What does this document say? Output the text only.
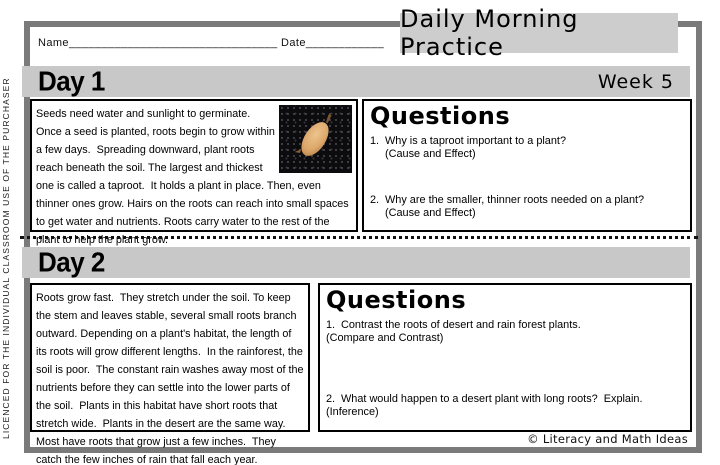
LICENCED FOR THE INDIVIDUAL CLASSROOM USE OF THE PURCHASER
Daily Morning Practice
Name________________________________ Date____________
Day 1	Week 5
Seeds need water and sunlight to germinate. Once a seed is planted, roots begin to grow within a few days.  Spreading downward, plant roots reach beneath the soil. The largest and thickest one is called a taproot.  It holds a plant in place. Then, even thinner ones grow. Hairs on the roots can reach into small spaces to get water and nutrients. Roots carry water to the rest of the plant to help the plant grow.
Questions
1. Why is a taproot important to a plant?
(Cause and Effect)
2. Why are the smaller, thinner roots needed on a plant?
(Cause and Effect)
Day 2
Roots grow fast.  They stretch under the soil. To keep the stem and leaves stable, several small roots branch outward. Depending on a plant's habitat, the length of its roots will grow different lengths.  In the rainforest, the soil is poor.  The constant rain washes away most of the nutrients before they can settle into the lower parts of the soil.  Plants in this habitat have short roots that stretch wide.  Plants in the desert are the same way.  Most have roots that grow just a few inches.  They catch the few inches of rain that fall each year.
Questions
1. Contrast the roots of desert and rain forest plants.
(Compare and Contrast)
2. What would happen to a desert plant with long roots?  Explain.
(Inference)
© Literacy and Math Ideas
